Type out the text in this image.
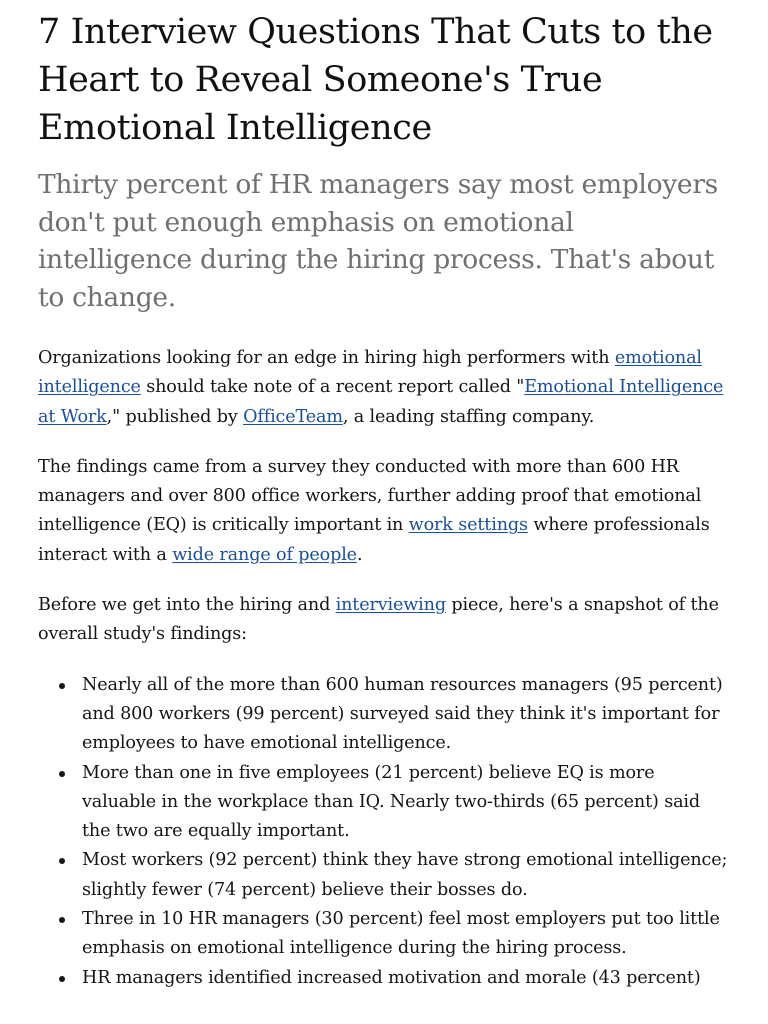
7 Interview Questions That Cuts to the Heart to Reveal Someone's True Emotional Intelligence

Thirty percent of HR managers say most employers don't put enough emphasis on emotional intelligence during the hiring process. That's about to change.

Organizations looking for an edge in hiring high performers with emotional intelligence should take note of a recent report called "Emotional Intelligence at Work," published by OfficeTeam, a leading staffing company.

The findings came from a survey they conducted with more than 600 HR managers and over 800 office workers, further adding proof that emotional intelligence (EQ) is critically important in work settings where professionals interact with a wide range of people.

Before we get into the hiring and interviewing piece, here's a snapshot of the overall study's findings:

Nearly all of the more than 600 human resources managers (95 percent) and 800 workers (99 percent) surveyed said they think it's important for employees to have emotional intelligence.
More than one in five employees (21 percent) believe EQ is more valuable in the workplace than IQ. Nearly two-thirds (65 percent) said the two are equally important.
Most workers (92 percent) think they have strong emotional intelligence; slightly fewer (74 percent) believe their bosses do.
Three in 10 HR managers (30 percent) feel most employers put too little emphasis on emotional intelligence during the hiring process.
HR managers identified increased motivation and morale (43 percent)
